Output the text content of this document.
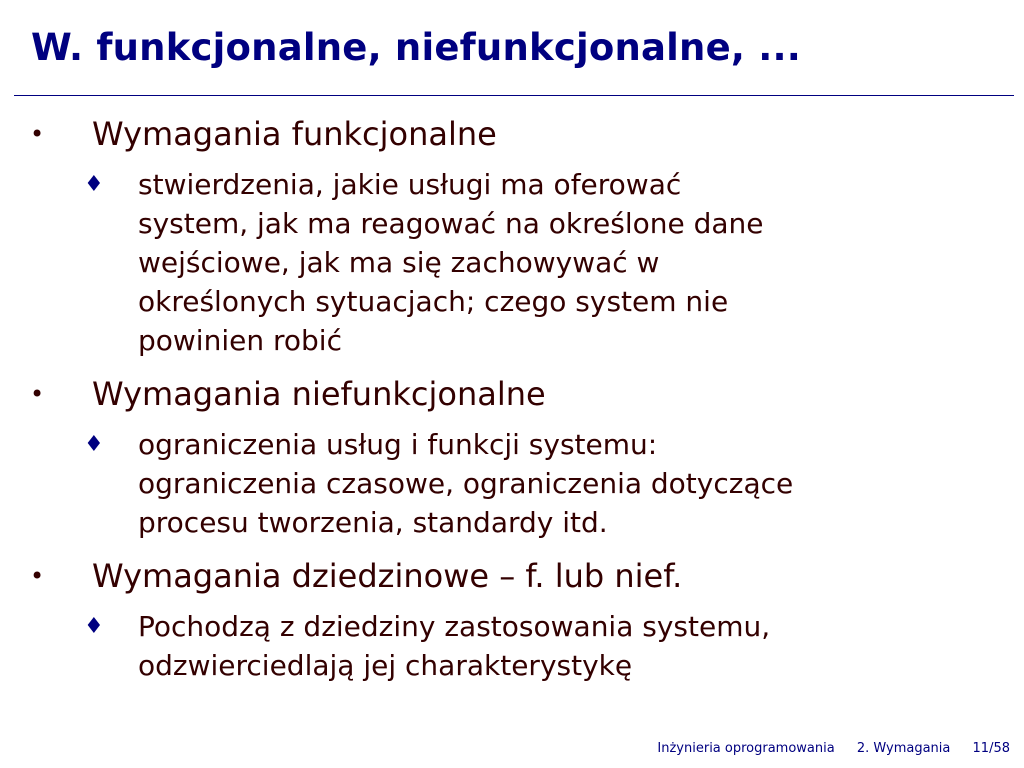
W. funkcjonalne, niefunkcjonalne, ...
• Wymagania funkcjonalne
♦ stwierdzenia, jakie usługi ma oferować
system, jak ma reagować na określone dane
wejściowe, jak ma się zachowywać w
określonych sytuacjach; czego system nie
powinien robić
• Wymagania niefunkcjonalne
♦ ograniczenia usług i funkcji systemu:
ograniczenia czasowe, ograniczenia dotyczące
procesu tworzenia, standardy itd.
• Wymagania dziedzinowe – f. lub nief.
♦ Pochodzą z dziedziny zastosowania systemu,
odzwierciedlają jej charakterystykę
Inżynieria oprogramowania 2. Wymagania 11/58
